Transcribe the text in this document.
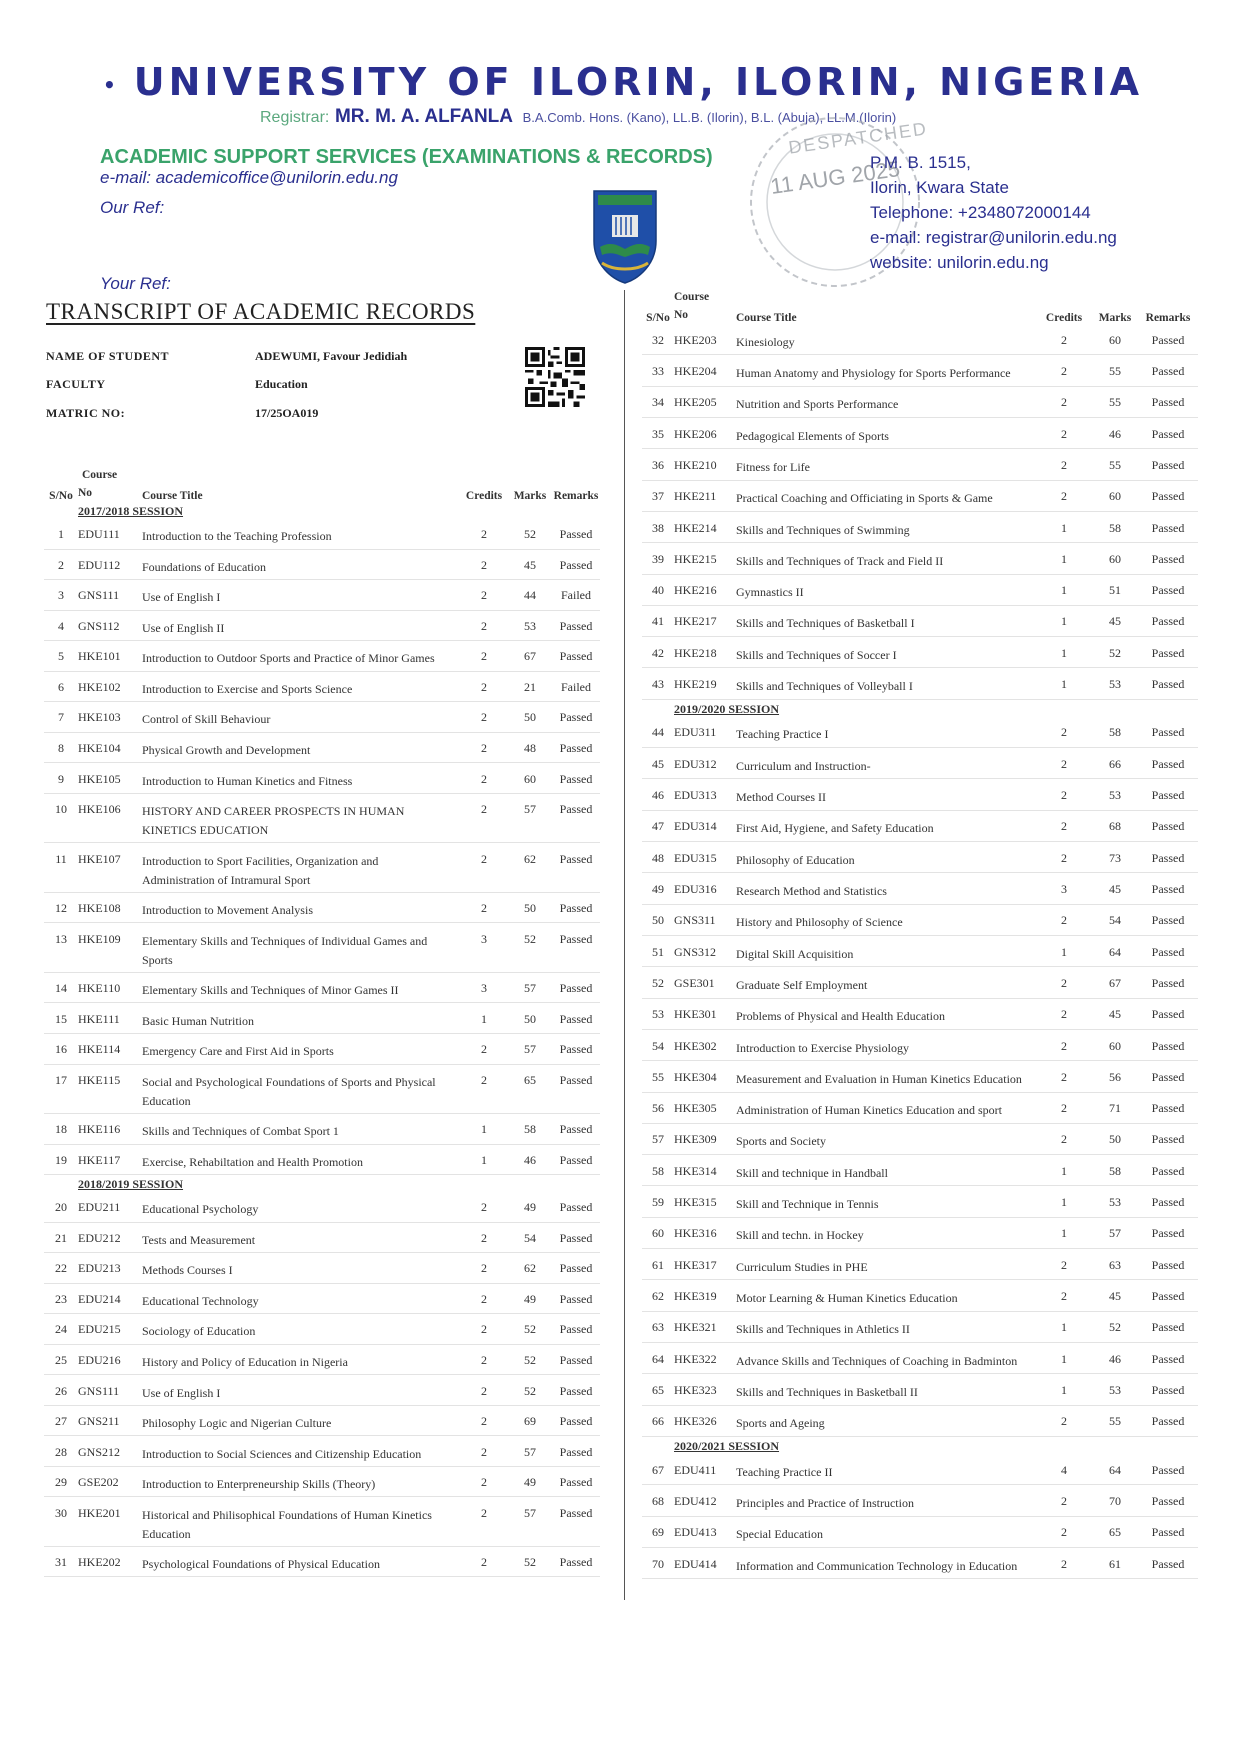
• UNIVERSITY OF ILORIN, ILORIN, NIGERIA
Registrar: MR. M. A. ALFANLA B.A.Comb. Hons. (Kano), LL.B. (Ilorin), B.L. (Abuja), LL.M.(Ilorin)
ACADEMIC SUPPORT SERVICES (EXAMINATIONS & RECORDS)
e-mail: academicoffice@unilorin.edu.ng
Our Ref:
Your Ref:
DESPATCHED
11 AUG 2025
P.M. B. 1515,
Ilorin, Kwara State
Telephone: +2348072000144
e-mail: registrar@unilorin.edu.ng
website: unilorin.edu.ng
TRANSCRIPT OF ACADEMIC RECORDS
NAME OF STUDENT	ADEWUMI, Favour Jedidiah
FACULTY	Education
MATRIC NO:	17/25OA019
S/No	Course
No	Course Title	Credits	Marks	Remarks
	2017/2018 SESSION				
1	EDU111	Introduction to the Teaching Profession	2	52	Passed
2	EDU112	Foundations of Education	2	45	Passed
3	GNS111	Use of English I	2	44	Failed
4	GNS112	Use of English II	2	53	Passed
5	HKE101	Introduction to Outdoor Sports and Practice of Minor Games	2	67	Passed
6	HKE102	Introduction to Exercise and Sports Science	2	21	Failed
7	HKE103	Control of Skill Behaviour	2	50	Passed
8	HKE104	Physical Growth and Development	2	48	Passed
9	HKE105	Introduction to Human Kinetics and Fitness	2	60	Passed
10	HKE106	HISTORY AND CAREER PROSPECTS IN HUMAN KINETICS EDUCATION	2	57	Passed
11	HKE107	Introduction to Sport Facilities, Organization and Administration of Intramural Sport	2	62	Passed
12	HKE108	Introduction to Movement Analysis	2	50	Passed
13	HKE109	Elementary Skills and Techniques of Individual Games and Sports	3	52	Passed
14	HKE110	Elementary Skills and Techniques of Minor Games II	3	57	Passed
15	HKE111	Basic Human Nutrition	1	50	Passed
16	HKE114	Emergency Care and First Aid in Sports	2	57	Passed
17	HKE115	Social and Psychological Foundations of Sports and Physical Education	2	65	Passed
18	HKE116	Skills and Techniques of Combat Sport 1	1	58	Passed
19	HKE117	Exercise, Rehabiltation and Health Promotion	1	46	Passed
	2018/2019 SESSION				
20	EDU211	Educational Psychology	2	49	Passed
21	EDU212	Tests and Measurement	2	54	Passed
22	EDU213	Methods Courses I	2	62	Passed
23	EDU214	Educational Technology	2	49	Passed
24	EDU215	Sociology of Education	2	52	Passed
25	EDU216	History and Policy of Education in Nigeria	2	52	Passed
26	GNS111	Use of English I	2	52	Passed
27	GNS211	Philosophy Logic and Nigerian Culture	2	69	Passed
28	GNS212	Introduction to Social Sciences and Citizenship Education	2	57	Passed
29	GSE202	Introduction to Enterpreneurship Skills (Theory)	2	49	Passed
30	HKE201	Historical and Philisophical Foundations of Human Kinetics Education	2	57	Passed
31	HKE202	Psychological Foundations of Physical Education	2	52	Passed
S/No	Course
No	Course Title	Credits	Marks	Remarks
32	HKE203	Kinesiology	2	60	Passed
33	HKE204	Human Anatomy and Physiology for Sports Performance	2	55	Passed
34	HKE205	Nutrition and Sports Performance	2	55	Passed
35	HKE206	Pedagogical Elements of Sports	2	46	Passed
36	HKE210	Fitness for Life	2	55	Passed
37	HKE211	Practical Coaching and Officiating in Sports & Game	2	60	Passed
38	HKE214	Skills and Techniques of Swimming	1	58	Passed
39	HKE215	Skills and Techniques of Track and Field II	1	60	Passed
40	HKE216	Gymnastics II	1	51	Passed
41	HKE217	Skills and Techniques of Basketball I	1	45	Passed
42	HKE218	Skills and Techniques of Soccer I	1	52	Passed
43	HKE219	Skills and Techniques of Volleyball I	1	53	Passed
	2019/2020 SESSION				
44	EDU311	Teaching Practice I	2	58	Passed
45	EDU312	Curriculum and Instruction-	2	66	Passed
46	EDU313	Method Courses II	2	53	Passed
47	EDU314	First Aid, Hygiene, and Safety Education	2	68	Passed
48	EDU315	Philosophy of Education	2	73	Passed
49	EDU316	Research Method and Statistics	3	45	Passed
50	GNS311	History and Philosophy of Science	2	54	Passed
51	GNS312	Digital Skill Acquisition	1	64	Passed
52	GSE301	Graduate Self Employment	2	67	Passed
53	HKE301	Problems of Physical and Health Education	2	45	Passed
54	HKE302	Introduction to Exercise Physiology	2	60	Passed
55	HKE304	Measurement and Evaluation in Human Kinetics Education	2	56	Passed
56	HKE305	Administration of Human Kinetics Education and sport	2	71	Passed
57	HKE309	Sports and Society	2	50	Passed
58	HKE314	Skill and technique in Handball	1	58	Passed
59	HKE315	Skill and Technique in Tennis	1	53	Passed
60	HKE316	Skill and techn. in Hockey	1	57	Passed
61	HKE317	Curriculum Studies in PHE	2	63	Passed
62	HKE319	Motor Learning & Human Kinetics Education	2	45	Passed
63	HKE321	Skills and Techniques in Athletics II	1	52	Passed
64	HKE322	Advance Skills and Techniques of Coaching in Badminton	1	46	Passed
65	HKE323	Skills and Techniques in Basketball II	1	53	Passed
66	HKE326	Sports and Ageing	2	55	Passed
	2020/2021 SESSION				
67	EDU411	Teaching Practice II	4	64	Passed
68	EDU412	Principles and Practice of Instruction	2	70	Passed
69	EDU413	Special Education	2	65	Passed
70	EDU414	Information and Communication Technology in Education	2	61	Passed
